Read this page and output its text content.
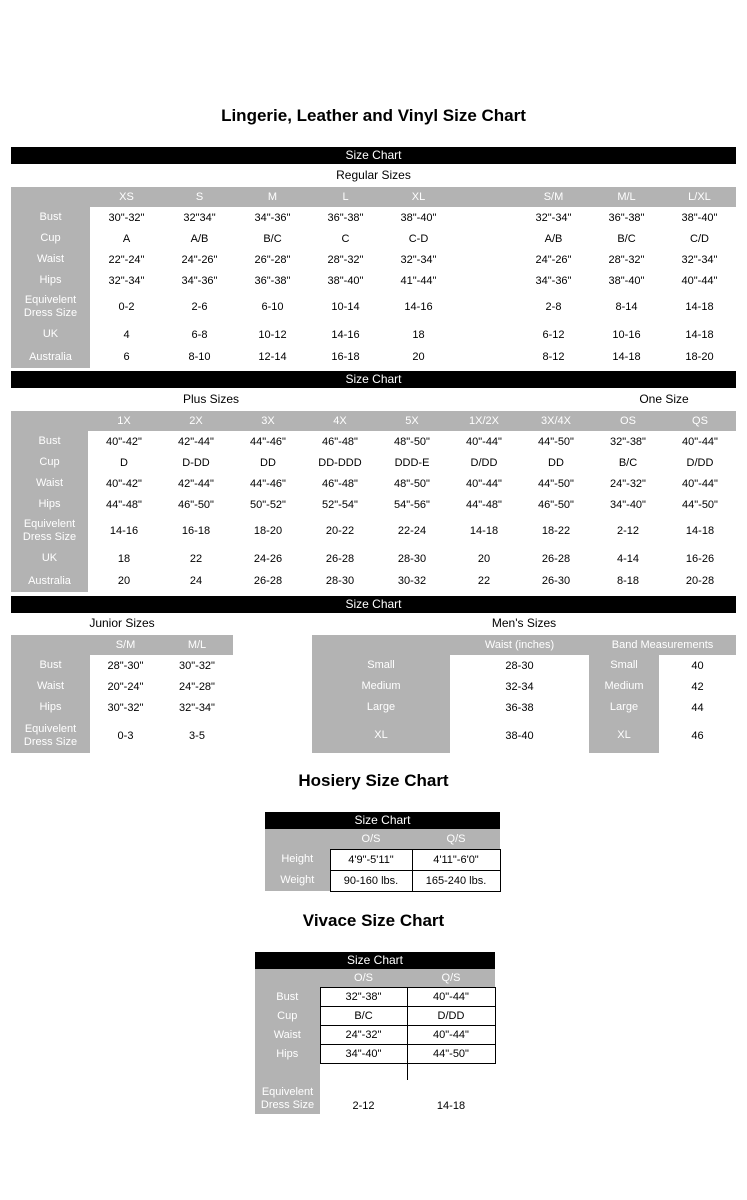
Lingerie, Leather and Vinyl Size Chart
Size Chart
Regular Sizes
	XS	S	M	L	XL		S/M	M/L	L/XL
Bust	30"-32"	32"34"	34"-36"	36"-38"	38"-40"		32"-34"	36"-38"	38"-40"
Cup	A	A/B	B/C	C	C-D		A/B	B/C	C/D
Waist	22"-24"	24"-26"	26"-28"	28"-32"	32"-34"		24"-26"	28"-32"	32"-34"
Hips	32"-34"	34"-36"	36"-38"	38"-40"	41"-44"		34"-36"	38"-40"	40"-44"
Equivelent Dress Size	0-2	2-6	6-10	10-14	14-16		2-8	8-14	14-18
UK	4	6-8	10-12	14-16	18		6-12	10-16	14-18
Australia	6	8-10	12-14	16-18	20		8-12	14-18	18-20
Size Chart
Plus Sizes	One Size
	1X	2X	3X	4X	5X	1X/2X	3X/4X	OS	QS
Bust	40"-42"	42"-44"	44"-46"	46"-48"	48"-50"	40"-44"	44"-50"	32"-38"	40"-44"
Cup	D	D-DD	DD	DD-DDD	DDD-E	D/DD	DD	B/C	D/DD
Waist	40"-42"	42"-44"	44"-46"	46"-48"	48"-50"	40"-44"	44"-50"	24"-32"	40"-44"
Hips	44"-48"	46"-50"	50"-52"	52"-54"	54"-56"	44"-48"	46"-50"	34"-40"	44"-50"
Equivelent Dress Size	14-16	16-18	18-20	20-22	22-24	14-18	18-22	2-12	14-18
UK	18	22	24-26	26-28	28-30	20	26-28	4-14	16-26
Australia	20	24	26-28	28-30	30-32	22	26-30	8-18	20-28
Size Chart
Junior Sizes
	S/M	M/L
Bust	28"-30"	30"-32"
Waist	20"-24"	24"-28"
Hips	30"-32"	32"-34"
Equivelent Dress Size	0-3	3-5
Men's Sizes
	Waist (inches)	Band Measurements	
Small	28-30	Small	40
Medium	32-34	Medium	42
Large	36-38	Large	44
XL	38-40	XL	46
Hosiery Size Chart
Size Chart
	O/S	Q/S
Height	4'9"-5'11"	4'11"-6'0"
Weight	90-160 lbs.	165-240 lbs.
Vivace Size Chart
Size Chart
	O/S	Q/S
Bust	32"-38"	40"-44"
Cup	B/C	D/DD
Waist	24"-32"	40"-44"
Hips	34"-40"	44"-50"

Equivelent Dress Size	2-12	14-18
